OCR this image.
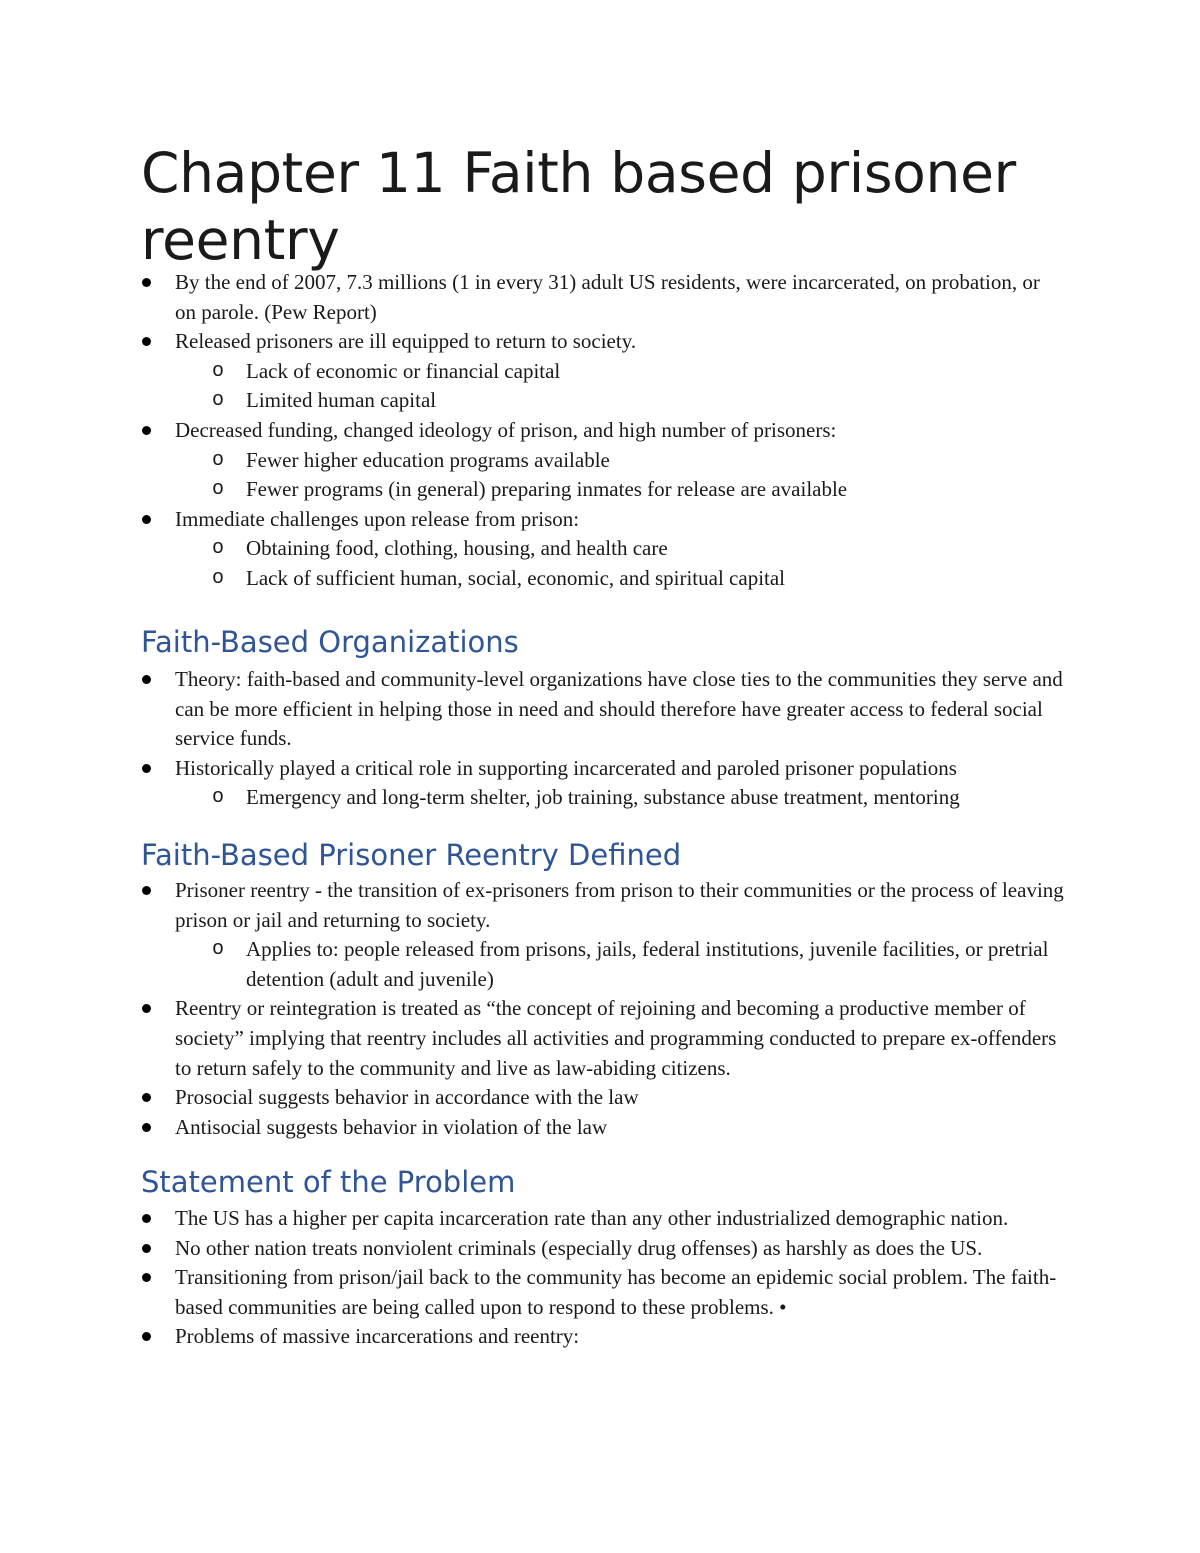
Chapter 11 Faith based prisoner reentry
By the end of 2007, 7.3 millions (1 in every 31) adult US residents, were incarcerated, on probation, or on parole. (Pew Report)
Released prisoners are ill equipped to return to society.
o Lack of economic or financial capital
o Limited human capital
Decreased funding, changed ideology of prison, and high number of prisoners:
o Fewer higher education programs available
o Fewer programs (in general) preparing inmates for release are available
Immediate challenges upon release from prison:
o Obtaining food, clothing, housing, and health care
o Lack of sufficient human, social, economic, and spiritual capital
Faith-Based Organizations
Theory: faith-based and community-level organizations have close ties to the communities they serve and can be more efficient in helping those in need and should therefore have greater access to federal social service funds.
Historically played a critical role in supporting incarcerated and paroled prisoner populations
o Emergency and long-term shelter, job training, substance abuse treatment, mentoring
Faith-Based Prisoner Reentry Defined
Prisoner reentry - the transition of ex-prisoners from prison to their communities or the process of leaving prison or jail and returning to society.
o Applies to: people released from prisons, jails, federal institutions, juvenile facilities, or pretrial detention (adult and juvenile)
Reentry or reintegration is treated as “the concept of rejoining and becoming a productive member of society” implying that reentry includes all activities and programming conducted to prepare ex-offenders to return safely to the community and live as law-abiding citizens.
Prosocial suggests behavior in accordance with the law
Antisocial suggests behavior in violation of the law
Statement of the Problem
The US has a higher per capita incarceration rate than any other industrialized demographic nation.
No other nation treats nonviolent criminals (especially drug offenses) as harshly as does the US.
Transitioning from prison/jail back to the community has become an epidemic social problem. The faith-based communities are being called upon to respond to these problems. •
Problems of massive incarcerations and reentry:
